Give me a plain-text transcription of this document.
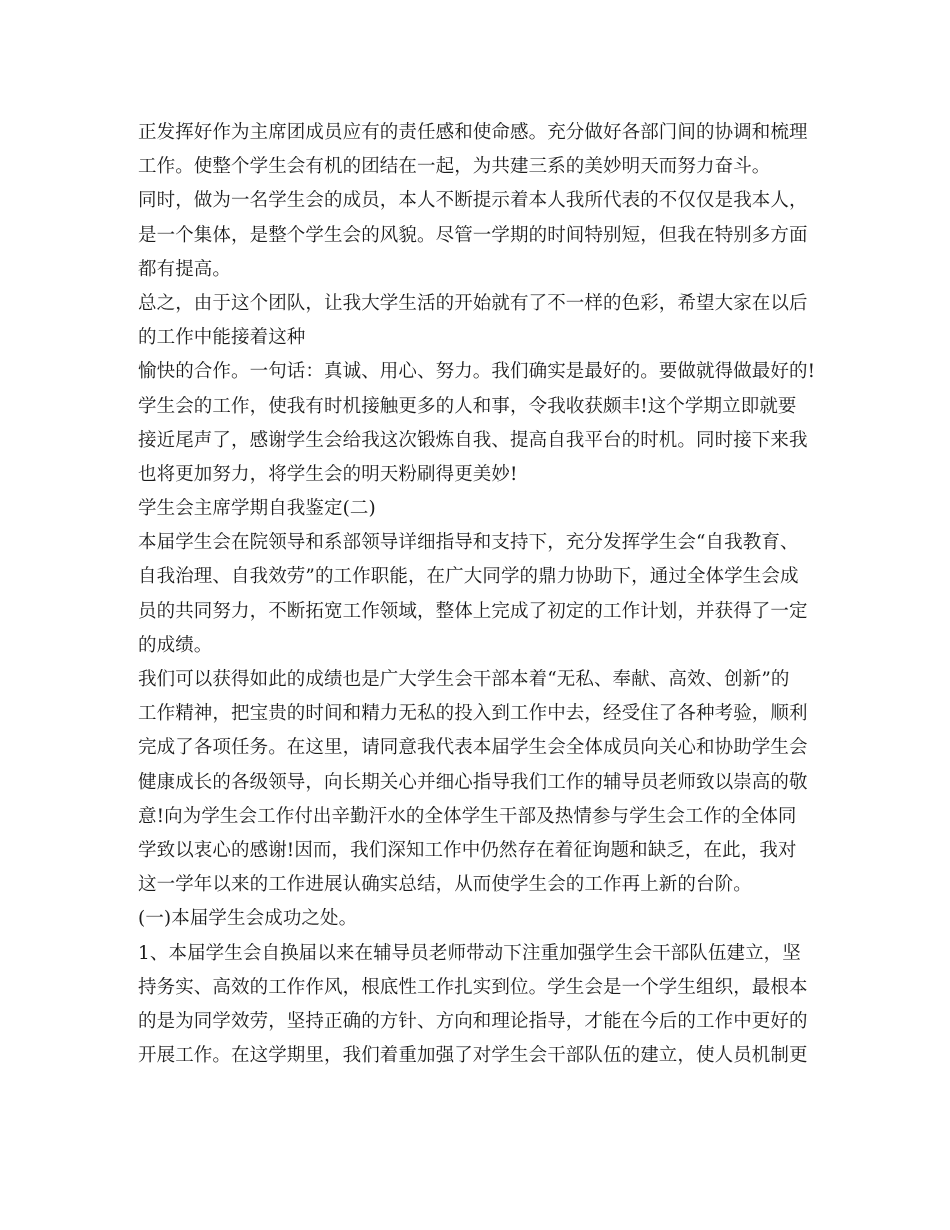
正发挥好作为主席团成员应有的责任感和使命感。充分做好各部门间的协调和梳理
工作。使整个学生会有机的团结在一起，为共建三系的美妙明天而努力奋斗。
同时，做为一名学生会的成员，本人不断提示着本人我所代表的不仅仅是我本人，
是一个集体，是整个学生会的风貌。尽管一学期的时间特别短，但我在特别多方面
都有提高。
总之，由于这个团队，让我大学生活的开始就有了不一样的色彩，希望大家在以后
的工作中能接着这种
愉快的合作。一句话：真诚、用心、努力。我们确实是最好的。要做就得做最好的!
学生会的工作，使我有时机接触更多的人和事，令我收获颇丰!这个学期立即就要
接近尾声了，感谢学生会给我这次锻炼自我、提高自我平台的时机。同时接下来我
也将更加努力，将学生会的明天粉刷得更美妙!
学生会主席学期自我鉴定(二)
本届学生会在院领导和系部领导详细指导和支持下，充分发挥学生会“自我教育、
自我治理、自我效劳”的工作职能，在广大同学的鼎力协助下，通过全体学生会成
员的共同努力，不断拓宽工作领域，整体上完成了初定的工作计划，并获得了一定
的成绩。
我们可以获得如此的成绩也是广大学生会干部本着“无私、奉献、高效、创新”的
工作精神，把宝贵的时间和精力无私的投入到工作中去，经受住了各种考验，顺利
完成了各项任务。在这里，请同意我代表本届学生会全体成员向关心和协助学生会
健康成长的各级领导，向长期关心并细心指导我们工作的辅导员老师致以崇高的敬
意!向为学生会工作付出辛勤汗水的全体学生干部及热情参与学生会工作的全体同
学致以衷心的感谢!因而，我们深知工作中仍然存在着征询题和缺乏，在此，我对
这一学年以来的工作进展认确实总结，从而使学生会的工作再上新的台阶。
(一)本届学生会成功之处。
1、本届学生会自换届以来在辅导员老师带动下注重加强学生会干部队伍建立，坚
持务实、高效的工作作风，根底性工作扎实到位。学生会是一个学生组织，最根本
的是为同学效劳，坚持正确的方针、方向和理论指导，才能在今后的工作中更好的
开展工作。在这学期里，我们着重加强了对学生会干部队伍的建立，使人员机制更
